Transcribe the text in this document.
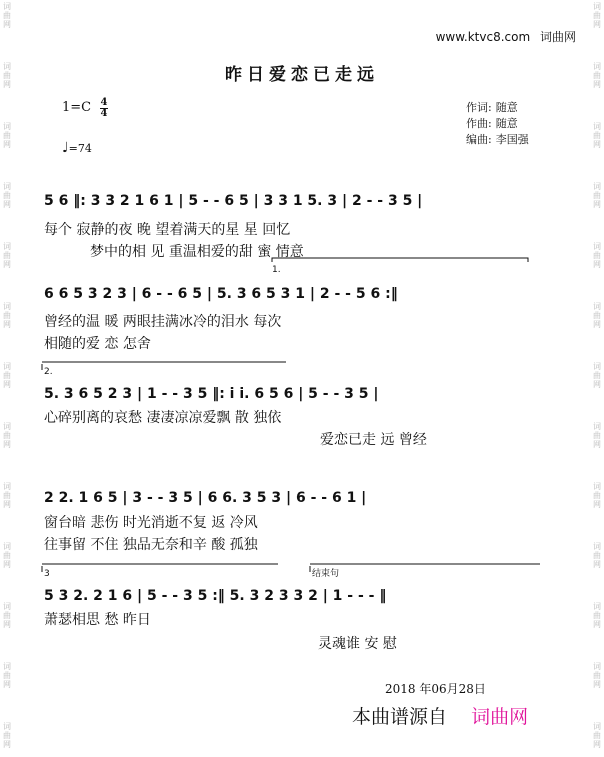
词曲网
词曲网
词曲网
词曲网
词曲网
词曲网
词曲网
词曲网
词曲网
词曲网
词曲网
词曲网
词曲网
词曲网
词曲网
词曲网
词曲网
词曲网
词曲网
词曲网
词曲网
词曲网
词曲网
词曲网
词曲网
词曲网
www.ktvc8.com 词曲网
昨日爱恋已走远
1=C 4
4
♩=74
作词: 随意
作曲: 随意
编曲: 李国强
1.
2.
3	结束句
5 6 ‖: 3 3 2 1 6 1 | 5 - - 6 5 | 3 3 1 5. 3 | 2 - - 3 5 |
每个 寂静的夜 晚 望着满天的星 星 回忆
梦中的相 见 重温相爱的甜 蜜 情意
6 6 5 3 2 3 | 6 - - 6 5 | 5. 3 6 5 3 1 | 2 - - 5 6 :‖
曾经的温 暖 两眼挂满冰冷的泪水 每次
相随的爱 恋 怎舍
5. 3 6 5 2 3 | 1 - - 3 5 ‖: i i. 6 5 6 | 5 - - 3 5 |
心碎别离的哀愁 凄凄凉凉爱飘 散 独依
爱恋已走 远 曾经
2 2. 1 6 5 | 3 - - 3 5 | 6 6. 3 5 3 | 6 - - 6 1 |
窗台暗 悲伤 时光消逝不复 返 冷风
往事留 不住 独品无奈和辛 酸 孤独
5 3 2. 2 1 6 | 5 - - 3 5 :‖ 5. 3 2 3 3 2 | 1 - - - ‖
萧瑟相思 愁 昨日
灵魂谁 安 慰
2018 年06月28日
本曲谱源自 词曲网
